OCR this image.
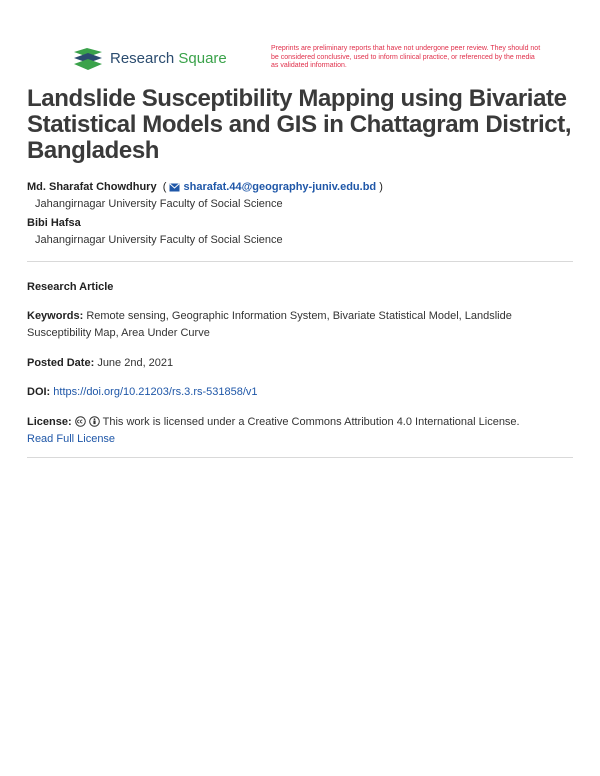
Research Square
Preprints are preliminary reports that have not undergone peer review. They should not be considered conclusive, used to inform clinical practice, or referenced by the media as validated information.
Landslide Susceptibility Mapping using Bivariate Statistical Models and GIS in Chattagram District, Bangladesh
Md. Sharafat Chowdhury ( sharafat.44@geography-juniv.edu.bd )
Jahangirnagar University Faculty of Social Science
Bibi Hafsa
Jahangirnagar University Faculty of Social Science
Research Article
Keywords: Remote sensing, Geographic Information System, Bivariate Statistical Model, Landslide Susceptibility Map, Area Under Curve
Posted Date: June 2nd, 2021
DOI: https://doi.org/10.21203/rs.3.rs-531858/v1
License:	This work is licensed under a Creative Commons Attribution 4.0 International License.
Read Full License
